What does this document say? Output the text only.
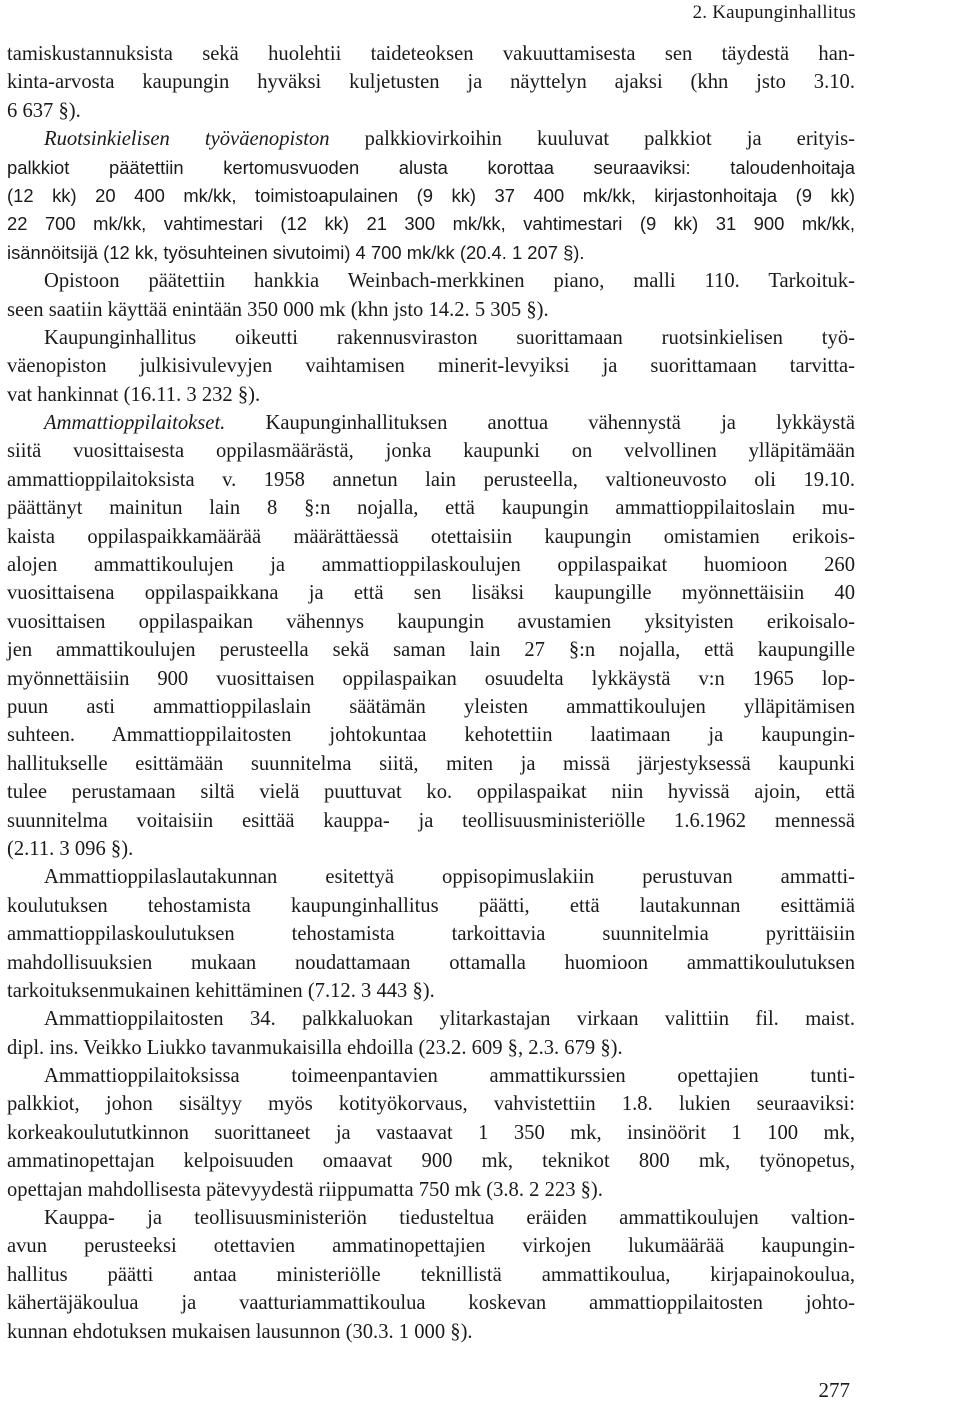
2. Kaupunginhallitus
tamiskustannuksista sekä huolehtii taideteoksen vakuuttamisesta sen täydestä han-
kinta-arvosta kaupungin hyväksi kuljetusten ja näyttelyn ajaksi (khn jsto 3.10.
6 637 §).
Ruotsinkielisen työväenopiston palkkiovirkoihin kuuluvat palkkiot ja erityis-
palkkiot päätettiin kertomusvuoden alusta korottaa seuraaviksi: taloudenhoitaja
(12 kk) 20 400 mk/kk, toimistoapulainen (9 kk) 37 400 mk/kk, kirjastonhoitaja (9 kk)
22 700 mk/kk, vahtimestari (12 kk) 21 300 mk/kk, vahtimestari (9 kk) 31 900 mk/kk,
isännöitsijä (12 kk, työsuhteinen sivutoimi) 4 700 mk/kk (20.4. 1 207 §).
Opistoon päätettiin hankkia Weinbach-merkkinen piano, malli 110. Tarkoituk-
seen saatiin käyttää enintään 350 000 mk (khn jsto 14.2. 5 305 §).
Kaupunginhallitus oikeutti rakennusviraston suorittamaan ruotsinkielisen työ-
väenopiston julkisivulevyjen vaihtamisen minerit-levyiksi ja suorittamaan tarvitta-
vat hankinnat (16.11. 3 232 §).
Ammattioppilaitokset. Kaupunginhallituksen anottua vähennystä ja lykkäystä
siitä vuosittaisesta oppilasmäärästä, jonka kaupunki on velvollinen ylläpitämään
ammattioppilaitoksista v. 1958 annetun lain perusteella, valtioneuvosto oli 19.10.
päättänyt mainitun lain 8 §:n nojalla, että kaupungin ammattioppilaitoslain mu-
kaista oppilaspaikkamäärää määrättäessä otettaisiin kaupungin omistamien erikois-
alojen ammattikoulujen ja ammattioppilaskoulujen oppilaspaikat huomioon 260
vuosittaisena oppilaspaikkana ja että sen lisäksi kaupungille myönnettäisiin 40
vuosittaisen oppilaspaikan vähennys kaupungin avustamien yksityisten erikoisalo-
jen ammattikoulujen perusteella sekä saman lain 27 §:n nojalla, että kaupungille
myönnettäisiin 900 vuosittaisen oppilaspaikan osuudelta lykkäystä v:n 1965 lop-
puun asti ammattioppilaslain säätämän yleisten ammattikoulujen ylläpitämisen
suhteen. Ammattioppilaitosten johtokuntaa kehotettiin laatimaan ja kaupungin-
hallitukselle esittämään suunnitelma siitä, miten ja missä järjestyksessä kaupunki
tulee perustamaan siltä vielä puuttuvat ko. oppilaspaikat niin hyvissä ajoin, että
suunnitelma voitaisiin esittää kauppa- ja teollisuusministeriölle 1.6.1962 mennessä
(2.11. 3 096 §).
Ammattioppilaslautakunnan esitettyä oppisopimuslakiin perustuvan ammatti-
koulutuksen tehostamista kaupunginhallitus päätti, että lautakunnan esittämiä
ammattioppilaskoulutuksen tehostamista tarkoittavia suunnitelmia pyrittäisiin
mahdollisuuksien mukaan noudattamaan ottamalla huomioon ammattikoulutuksen
tarkoituksenmukainen kehittäminen (7.12. 3 443 §).
Ammattioppilaitosten 34. palkkaluokan ylitarkastajan virkaan valittiin fil. maist.
dipl. ins. Veikko Liukko tavanmukaisilla ehdoilla (23.2. 609 §, 2.3. 679 §).
Ammattioppilaitoksissa toimeenpantavien ammattikurssien opettajien tunti-
palkkiot, johon sisältyy myös kotityökorvaus, vahvistettiin 1.8. lukien seuraaviksi:
korkeakoulututkinnon suorittaneet ja vastaavat 1 350 mk, insinöörit 1 100 mk,
ammatinopettajan kelpoisuuden omaavat 900 mk, teknikot 800 mk, työnopetus,
opettajan mahdollisesta pätevyydestä riippumatta 750 mk (3.8. 2 223 §).
Kauppa- ja teollisuusministeriön tiedusteltua eräiden ammattikoulujen valtion-
avun perusteeksi otettavien ammatinopettajien virkojen lukumäärää kaupungin-
hallitus päätti antaa ministeriölle teknillistä ammattikoulua, kirjapainokoulua,
kähertäjäkoulua ja vaatturiammattikoulua koskevan ammattioppilaitosten johto-
kunnan ehdotuksen mukaisen lausunnon (30.3. 1 000 §).
277
